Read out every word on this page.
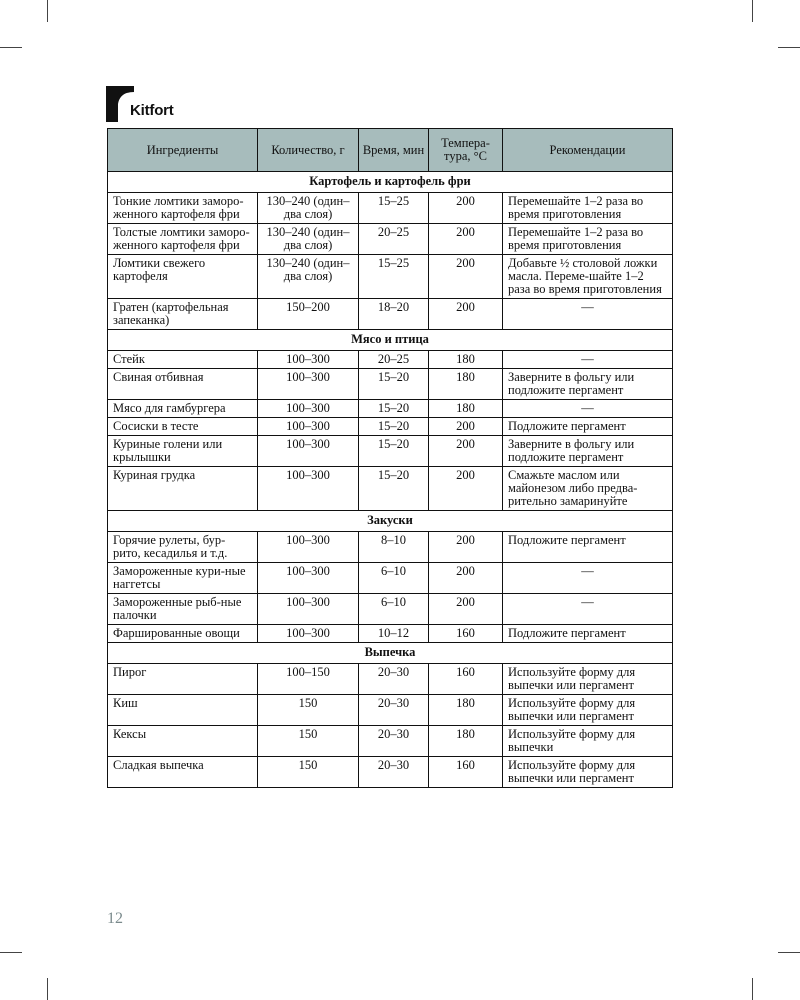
Kitfort
Ингредиенты	Количество, г	Время, мин	Темпера-тура, °С	Рекомендации
Картофель и картофель фри				
Тонкие ломтики заморо-женного картофеля фри	130–240 (один–два слоя)	15–25	200	Перемешайте 1–2 раза во время приготовления
Толстые ломтики заморо-женного картофеля фри	130–240 (один–два слоя)	20–25	200	Перемешайте 1–2 раза во время приготовления
Ломтики свежего картофеля	130–240 (один–два слоя)	15–25	200	Добавьте ½ столовой ложки масла. Переме-шайте 1–2 раза во время приготовления
Гратен (картофельная запеканка)	150–200	18–20	200	—
Мясо и птица				
Стейк	100–300	20–25	180	—
Свиная отбивная	100–300	15–20	180	Заверните в фольгу или подложите пергамент
Мясо для гамбургера	100–300	15–20	180	—
Сосиски в тесте	100–300	15–20	200	Подложите пергамент
Куриные голени или крылышки	100–300	15–20	200	Заверните в фольгу или подложите пергамент
Куриная грудка	100–300	15–20	200	Смажьте маслом или майонезом либо предва-рительно замаринуйте
Закуски				
Горячие рулеты, бур-рито, кесадилья и т.д.	100–300	8–10	200	Подложите пергамент
Замороженные кури-ные наггетсы	100–300	6–10	200	—
Замороженные рыб-ные палочки	100–300	6–10	200	—
Фаршированные овощи	100–300	10–12	160	Подложите пергамент
Выпечка				
Пирог	100–150	20–30	160	Используйте форму для выпечки или пергамент
Киш	150	20–30	180	Используйте форму для выпечки или пергамент
Кексы	150	20–30	180	Используйте форму для выпечки
Сладкая выпечка	150	20–30	160	Используйте форму для выпечки или пергамент
12
